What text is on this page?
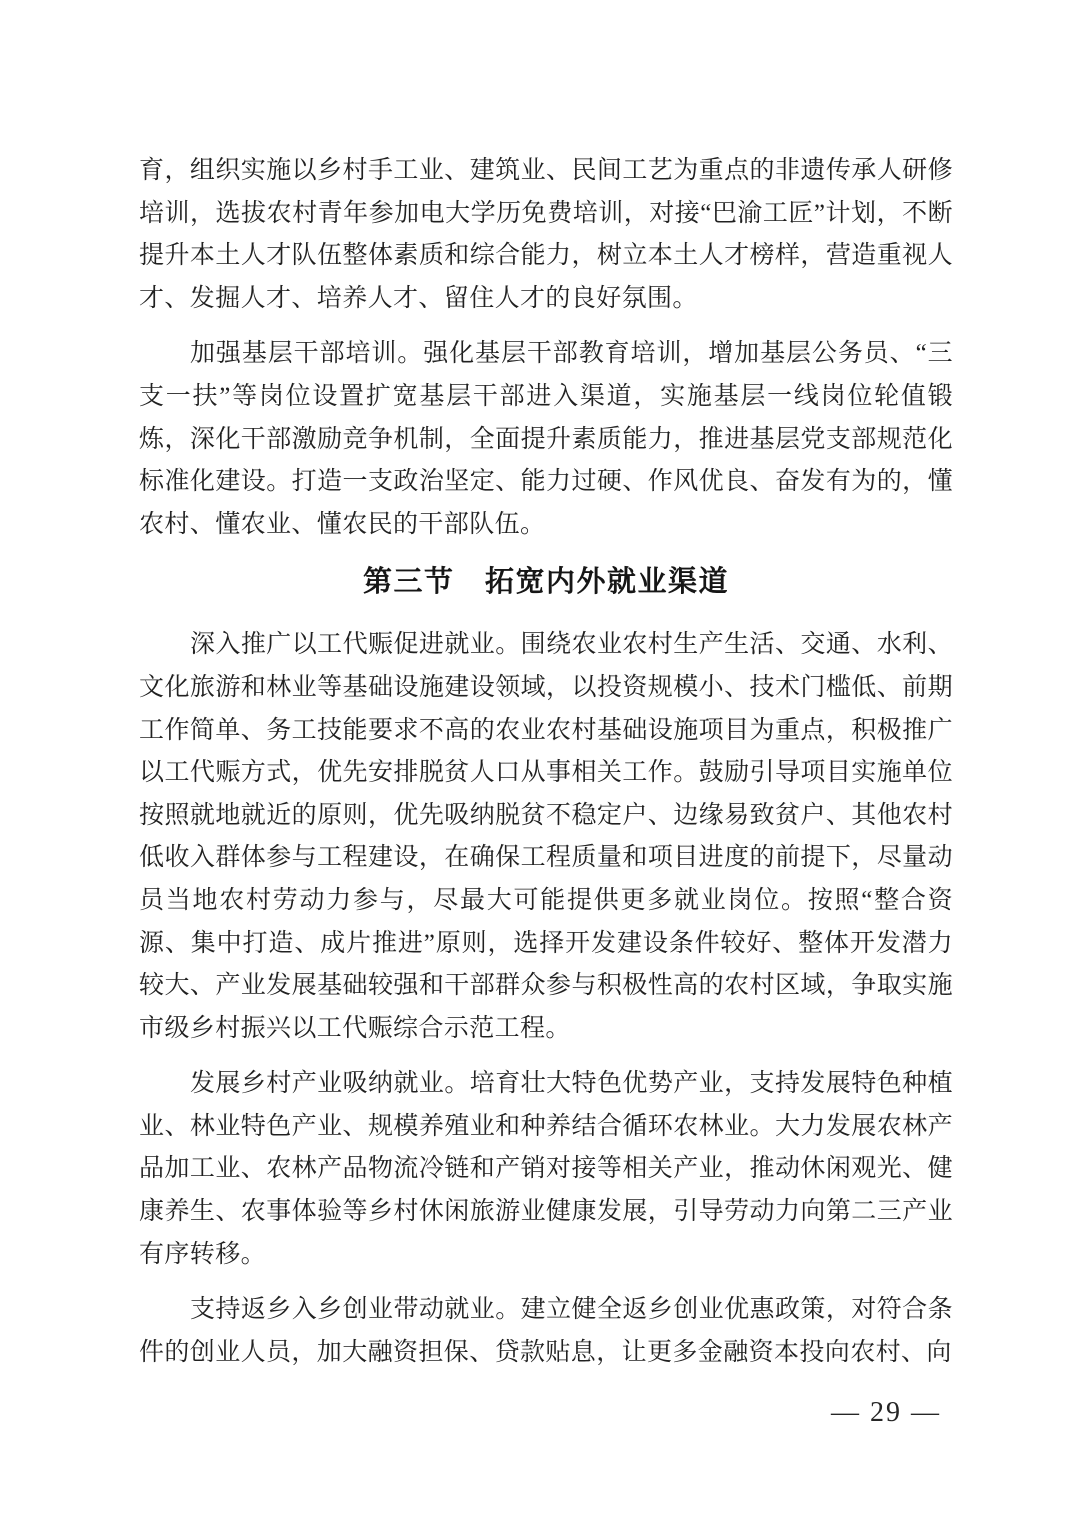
育，组织实施以乡村手工业、建筑业、民间工艺为重点的非遗传承人研修培训，选拔农村青年参加电大学历免费培训，对接“巴渝工匠”计划，不断提升本土人才队伍整体素质和综合能力，树立本土人才榜样，营造重视人才、发掘人才、培养人才、留住人才的良好氛围。

加强基层干部培训。强化基层干部教育培训，增加基层公务员、“三支一扶”等岗位设置扩宽基层干部进入渠道，实施基层一线岗位轮值锻炼，深化干部激励竞争机制，全面提升素质能力，推进基层党支部规范化标准化建设。打造一支政治坚定、能力过硬、作风优良、奋发有为的，懂农村、懂农业、懂农民的干部队伍。

第三节　拓宽内外就业渠道

深入推广以工代赈促进就业。围绕农业农村生产生活、交通、水利、文化旅游和林业等基础设施建设领域，以投资规模小、技术门槛低、前期工作简单、务工技能要求不高的农业农村基础设施项目为重点，积极推广以工代赈方式，优先安排脱贫人口从事相关工作。鼓励引导项目实施单位按照就地就近的原则，优先吸纳脱贫不稳定户、边缘易致贫户、其他农村低收入群体参与工程建设，在确保工程质量和项目进度的前提下，尽量动员当地农村劳动力参与，尽最大可能提供更多就业岗位。按照“整合资源、集中打造、成片推进”原则，选择开发建设条件较好、整体开发潜力较大、产业发展基础较强和干部群众参与积极性高的农村区域，争取实施市级乡村振兴以工代赈综合示范工程。

发展乡村产业吸纳就业。培育壮大特色优势产业，支持发展特色种植业、林业特色产业、规模养殖业和种养结合循环农林业。大力发展农林产品加工业、农林产品物流冷链和产销对接等相关产业，推动休闲观光、健康养生、农事体验等乡村休闲旅游业健康发展，引导劳动力向第二三产业有序转移。

支持返乡入乡创业带动就业。建立健全返乡创业优惠政策，对符合条件的创业人员，加大融资担保、贷款贴息，让更多金融资本投向农村、向

— 29 —
